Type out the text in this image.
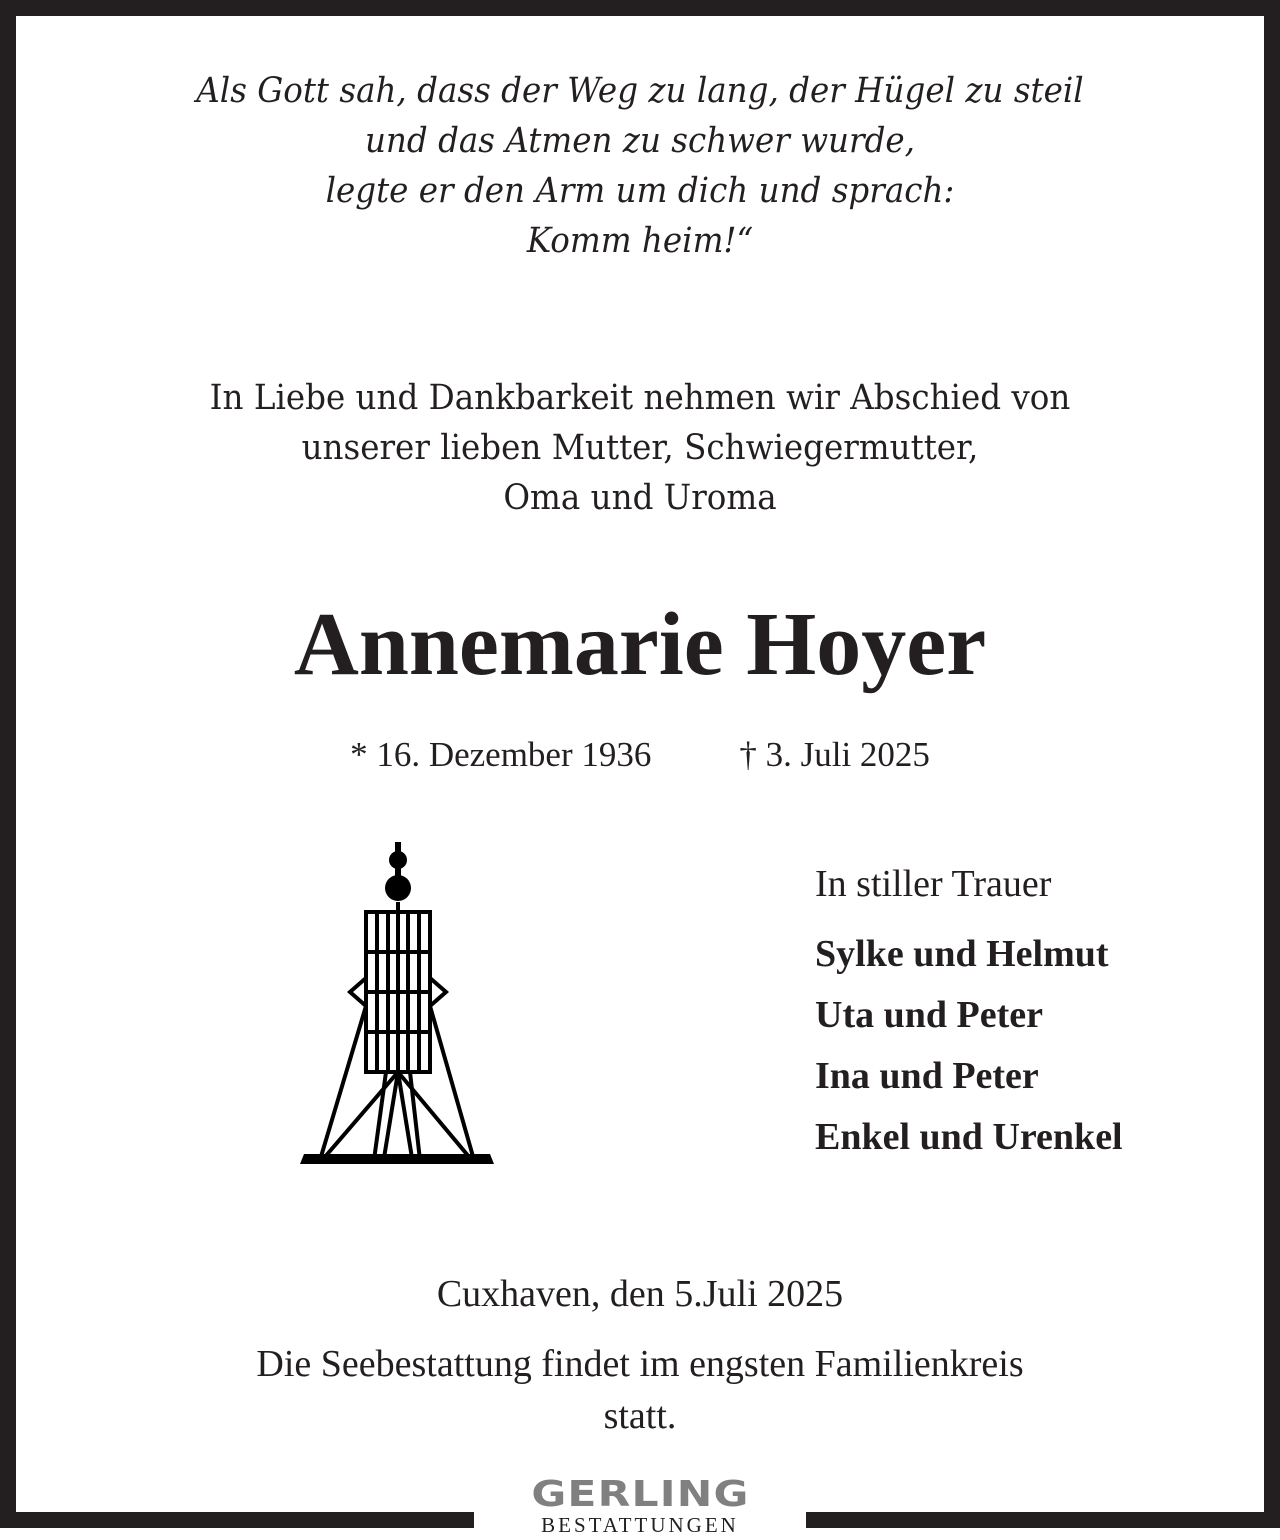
Als Gott sah, dass der Weg zu lang, der Hügel zu steil
und das Atmen zu schwer wurde,
legte er den Arm um dich und sprach:
Komm heim!“
In Liebe und Dankbarkeit nehmen wir Abschied von
unserer lieben Mutter, Schwiegermutter,
Oma und Uroma
Annemarie Hoyer
* 16. Dezember 1936	† 3. Juli 2025
In stiller Trauer
Sylke und Helmut
Uta und Peter
Ina und Peter
Enkel und Urenkel
Cuxhaven, den 5.Juli 2025
Die Seebestattung findet im engsten Familienkreis
statt.
GERLING
BESTATTUNGEN
